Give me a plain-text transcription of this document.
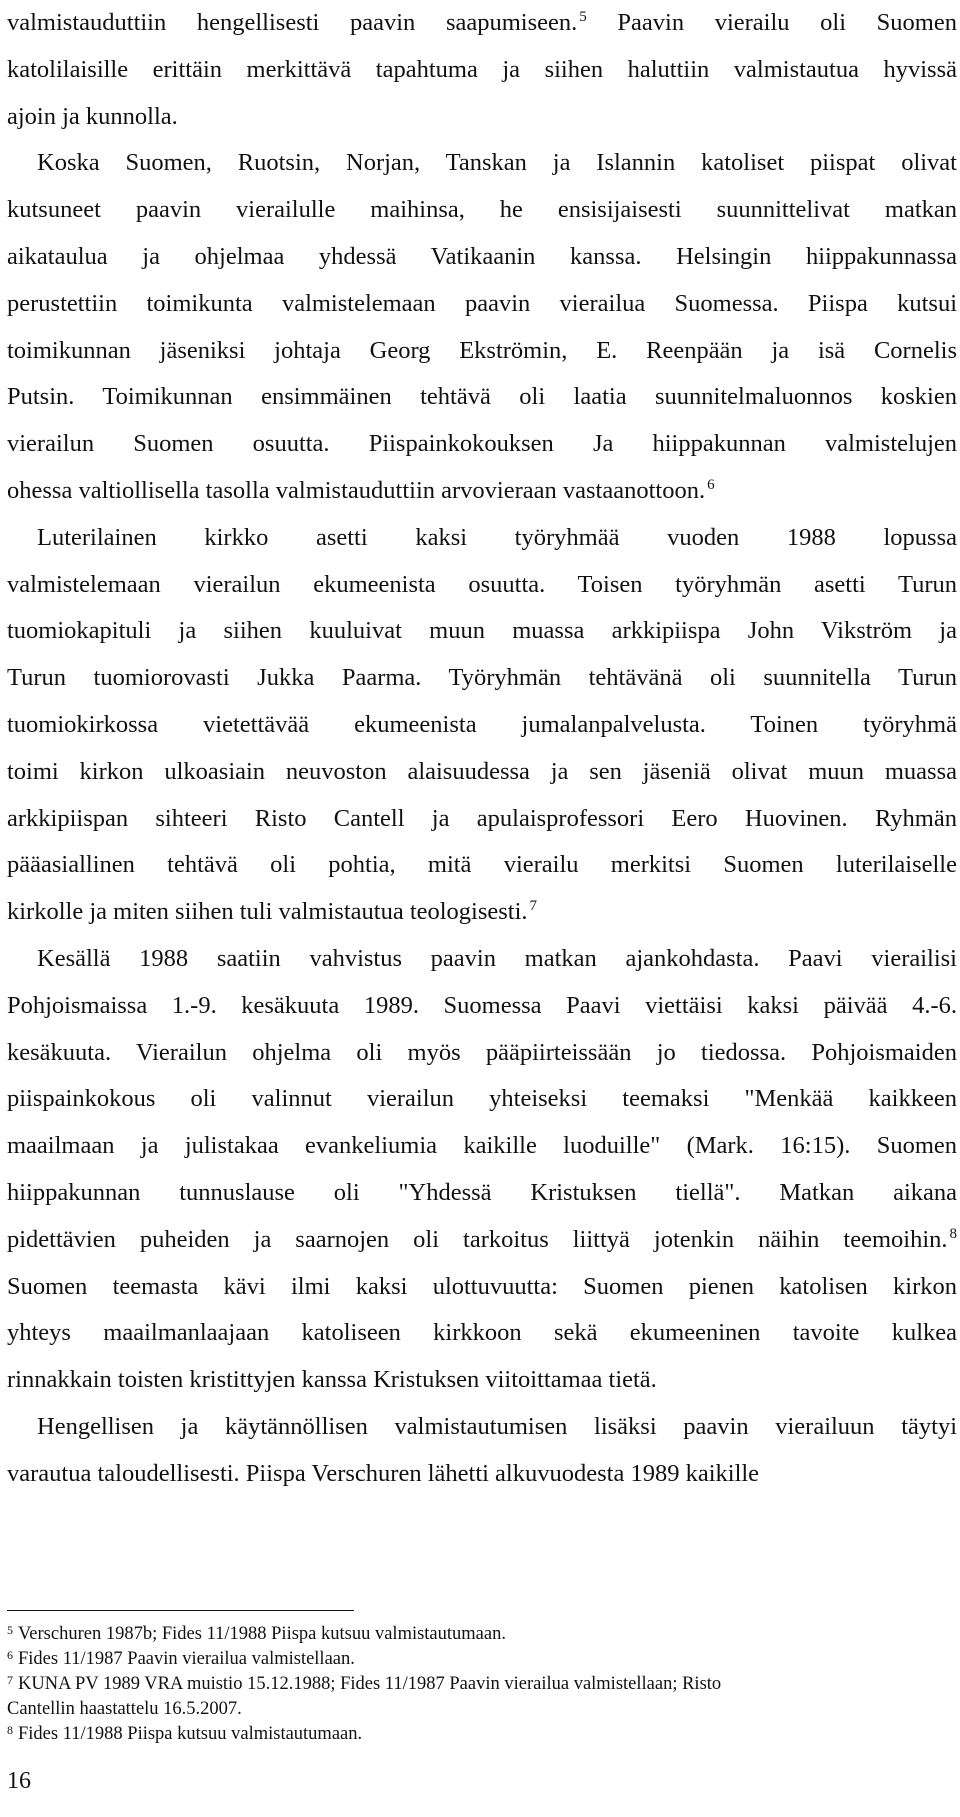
valmistauduttiin hengellisesti paavin saapumiseen. $^5$ Paavin vierailu oli Suomen
katolilaisille erittäin merkittävä tapahtuma ja siihen haluttiin valmistautua hyvissä
ajoin ja kunnolla.
Koska Suomen, Ruotsin, Norjan, Tanskan ja Islannin katoliset piispat olivat
kutsuneet paavin vierailulle maihinsa, he ensisijaisesti suunnittelivat matkan
aikataulua ja ohjelmaa yhdessä Vatikaanin kanssa. Helsingin hiippakunnassa
perustettiin toimikunta valmistelemaan paavin vierailua Suomessa. Piispa kutsui
toimikunnan jäseniksi johtaja Georg Ekströmin, E. Reenpään ja isä Cornelis
Putsin. Toimikunnan ensimmäinen tehtävä oli laatia suunnitelmaluonnos koskien
vierailun Suomen osuutta. Piispainkokouksen Ja hiippakunnan valmistelujen
ohessa valtiollisella tasolla valmistauduttiin arvovieraan vastaanottoon. $^6$
Luterilainen kirkko asetti kaksi työryhmää vuoden 1988 lopussa
valmistelemaan vierailun ekumeenista osuutta. Toisen työryhmän asetti Turun
tuomiokapituli ja siihen kuuluivat muun muassa arkkipiispa John Vikström ja
Turun tuomiorovasti Jukka Paarma. Työryhmän tehtävänä oli suunnitella Turun
tuomiokirkossa vietettävää ekumeenista jumalanpalvelusta. Toinen työryhmä
toimi kirkon ulkoasiain neuvoston alaisuudessa ja sen jäseniä olivat muun muassa
arkkipiispan sihteeri Risto Cantell ja apulaisprofessori Eero Huovinen. Ryhmän
pääasiallinen tehtävä oli pohtia, mitä vierailu merkitsi Suomen luterilaiselle
kirkolle ja miten siihen tuli valmistautua teologisesti. $^7$
Kesällä 1988 saatiin vahvistus paavin matkan ajankohdasta. Paavi vierailisi
Pohjoismaissa 1.-9. kesäkuuta 1989. Suomessa Paavi viettäisi kaksi päivää 4.-6.
kesäkuuta. Vierailun ohjelma oli myös pääpiirteissään jo tiedossa. Pohjoismaiden
piispainkokous oli valinnut vierailun yhteiseksi teemaksi "Menkää kaikkeen
maailmaan ja julistakaa evankeliumia kaikille luoduille" (Mark. 16:15). Suomen
hiippakunnan tunnuslause oli "Yhdessä Kristuksen tiellä". Matkan aikana
pidettävien puheiden ja saarnojen oli tarkoitus liittyä jotenkin näihin teemoihin. $^8$
Suomen teemasta kävi ilmi kaksi ulottuvuutta: Suomen pienen katolisen kirkon
yhteys maailmanlaajaan katoliseen kirkkoon sekä ekumeeninen tavoite kulkea
rinnakkain toisten kristittyjen kanssa Kristuksen viitoittamaa tietä.
Hengellisen ja käytännöllisen valmistautumisen lisäksi paavin vierailuun täytyi
varautua taloudellisesti. Piispa Verschuren lähetti alkuvuodesta 1989 kaikille
$^5$ Verschuren 1987b; Fides 11/1988 Piispa kutsuu valmistautumaan.
$^6$ Fides 11/1987 Paavin vierailua valmistellaan.
$^7$ KUNA PV 1989 VRA muistio 15.12.1988; Fides 11/1987 Paavin vierailua valmistellaan; Risto
Cantellin haastattelu 16.5.2007.
$^8$ Fides 11/1988 Piispa kutsuu valmistautumaan.
16
